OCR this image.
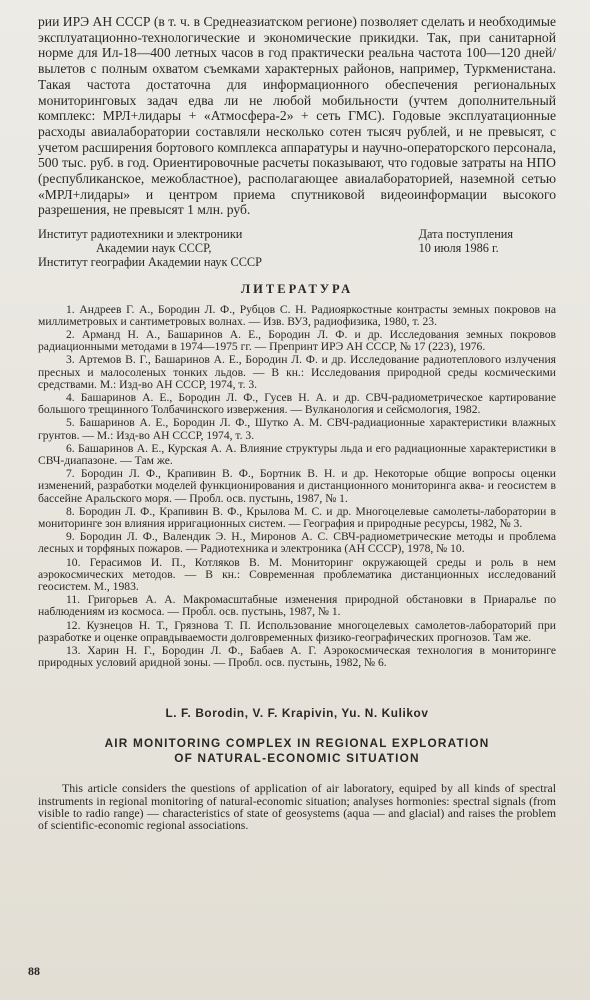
рии ИРЭ АН СССР (в т. ч. в Среднеазиатском регионе) позволяет сделать и необходимые эксплуатационно-технологические и экономические прикидки. Так, при санитарной норме для Ил-18—400 летных часов в год практически реальна частота 100—120 дней/вылетов с полным охватом съемками характерных районов, например, Туркменистана. Такая частота достаточна для информационного обеспечения региональных мониторинговых задач едва ли не любой мобильности (учтем дополнительный комплекс: МРЛ+лидары + «Атмосфера-2» + сеть ГМС). Годовые эксплуатационные расходы авиалаборатории составляли несколько сотен тысяч рублей, и не превысят, с учетом расширения бортового комплекса аппаратуры и научно-операторского персонала, 500 тыс. руб. в год. Ориентировочные расчеты показывают, что годовые затраты на НПО (республиканское, межобластное), располагающее авиалабораторией, наземной сетью «МРЛ+лидары» и центром приема спутниковой видеоинформации высокого разрешения, не превысят 1 млн. руб.

Институт радиотехники и электроники
Академии наук СССР,
Институт географии Академии наук СССР
Дата поступления
10 июля 1986 г.
ЛИТЕРАТУРА

1. Андреев Г. А., Бородин Л. Ф., Рубцов С. Н. Радиояркостные контрасты земных покровов на миллиметровых и сантиметровых волнах. — Изв. ВУЗ, радиофизика, 1980, т. 23.

2. Арманд Н. А., Башаринов А. Е., Бородин Л. Ф. и др. Исследования земных покровов радиационными методами в 1974—1975 гг. — Препринт ИРЭ АН СССР, № 17 (223), 1976.

3. Артемов В. Г., Башаринов А. Е., Бородин Л. Ф. и др. Исследование радиотеплового излучения пресных и малосоленых тонких льдов. — В кн.: Исследования природной среды космическими средствами. М.: Изд-во АН СССР, 1974, т. 3.

4. Башаринов А. Е., Бородин Л. Ф., Гусев Н. А. и др. СВЧ-радиометрическое картирование большого трещинного Толбачинского извержения. — Вулканология и сейсмология, 1982.

5. Башаринов А. Е., Бородин Л. Ф., Шутко А. М. СВЧ-радиационные характеристики влажных грунтов. — М.: Изд-во АН СССР, 1974, т. 3.

6. Башаринов А. Е., Курская А. А. Влияние структуры льда и его радиационные характеристики в СВЧ-диапазоне. — Там же.

7. Бородин Л. Ф., Крапивин В. Ф., Бортник В. Н. и др. Некоторые общие вопросы оценки изменений, разработки моделей функционирования и дистанционного мониторинга аква- и геосистем в бассейне Аральского моря. — Пробл. осв. пустынь, 1987, № 1.

8. Бородин Л. Ф., Крапивин В. Ф., Крылова М. С. и др. Многоцелевые самолеты-лаборатории в мониторинге зон влияния ирригационных систем. — География и природные ресурсы, 1982, № 3.

9. Бородин Л. Ф., Валендик Э. Н., Миронов А. С. СВЧ-радиометрические методы и проблема лесных и торфяных пожаров. — Радиотехника и электроника (АН СССР), 1978, № 10.

10. Герасимов И. П., Котляков В. М. Мониторинг окружающей среды и роль в нем аэрокосмических методов. — В кн.: Современная проблематика дистанционных исследований геосистем. М., 1983.

11. Григорьев А. А. Макромасштабные изменения природной обстановки в Приаралье по наблюдениям из космоса. — Пробл. осв. пустынь, 1987, № 1.

12. Кузнецов Н. Т., Грязнова Т. П. Использование многоцелевых самолетов-лабораторий при разработке и оценке оправдываемости долговременных физико-географических прогнозов. Там же.

13. Харин Н. Г., Бородин Л. Ф., Бабаев А. Г. Аэрокосмическая технология в мониторинге природных условий аридной зоны. — Пробл. осв. пустынь, 1982, № 6.

L. F. Borodin, V. F. Krapivin, Yu. N. Kulikov
AIR MONITORING COMPLEX IN REGIONAL EXPLORATION
OF NATURAL-ECONOMIC SITUATION

This article considers the questions of application of air laboratory, equiped by all kinds of spectral instruments in regional monitoring of natural-economic situation; analyses hormonies: spectral signals (from visible to radio range) — characteristics of state of geosystems (aqua — and glacial) and raises the problem of scientific-economic regional associations.

88
